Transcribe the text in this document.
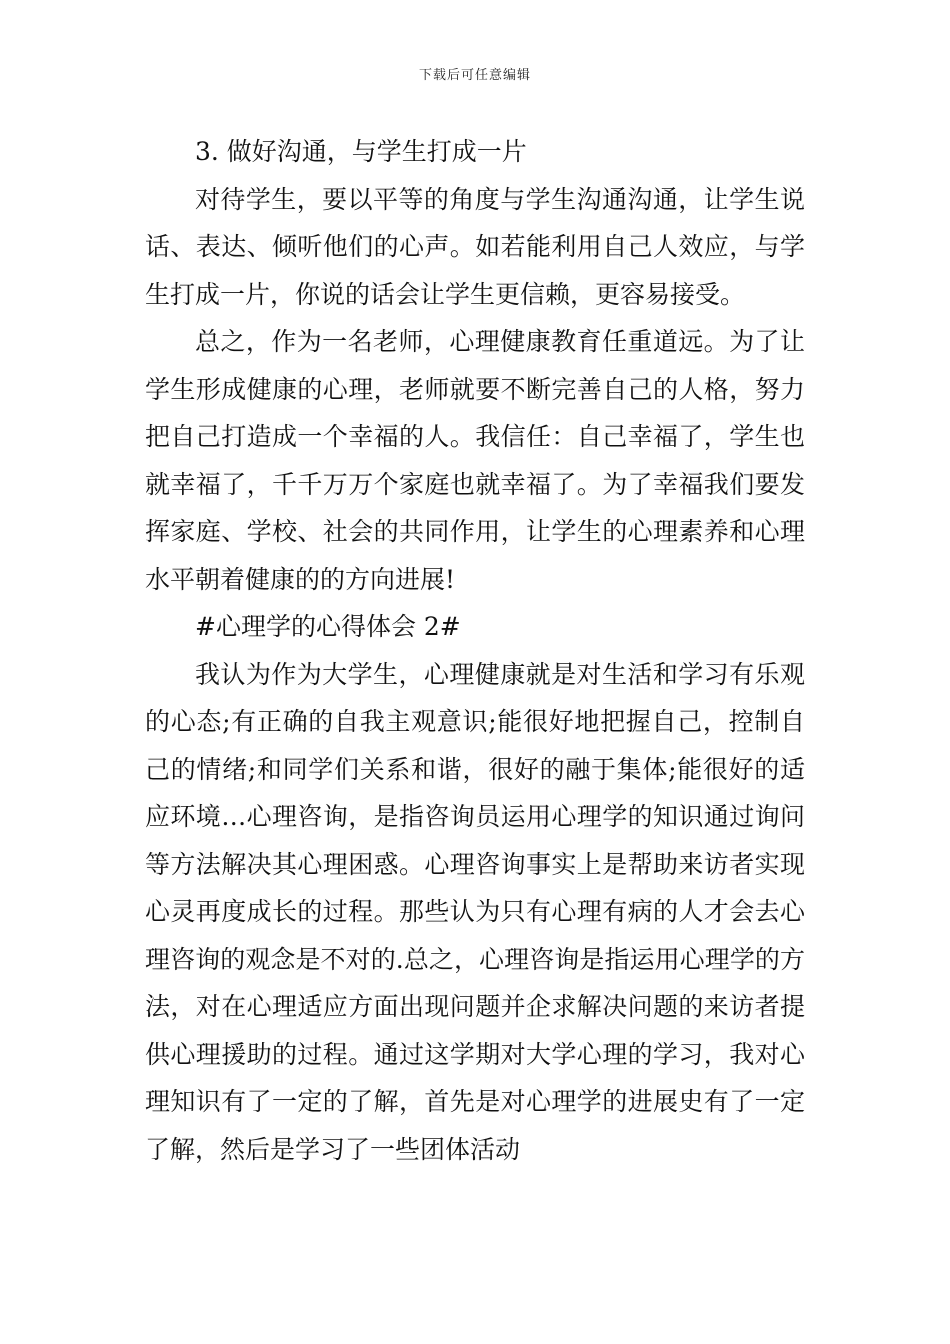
下载后可任意编辑

3. 做好沟通，与学生打成一片

对待学生，要以平等的角度与学生沟通沟通，让学生说话、表达、倾听他们的心声。如若能利用自己人效应，与学生打成一片，你说的话会让学生更信赖，更容易接受。

总之，作为一名老师，心理健康教育任重道远。为了让学生形成健康的心理，老师就要不断完善自己的人格，努力把自己打造成一个幸福的人。我信任：自己幸福了，学生也就幸福了，千千万万个家庭也就幸福了。为了幸福我们要发挥家庭、学校、社会的共同作用，让学生的心理素养和心理水平朝着健康的的方向进展!

#心理学的心得体会 2#

我认为作为大学生，心理健康就是对生活和学习有乐观的心态;有正确的自我主观意识;能很好地把握自己，控制自己的情绪;和同学们关系和谐，很好的融于集体;能很好的适应环境…心理咨询，是指咨询员运用心理学的知识通过询问等方法解决其心理困惑。心理咨询事实上是帮助来访者实现心灵再度成长的过程。那些认为只有心理有病的人才会去心理咨询的观念是不对的.总之，心理咨询是指运用心理学的方法，对在心理适应方面出现问题并企求解决问题的来访者提供心理援助的过程。通过这学期对大学心理的学习，我对心理知识有了一定的了解，首先是对心理学的进展史有了一定了解，然后是学习了一些团体活动
